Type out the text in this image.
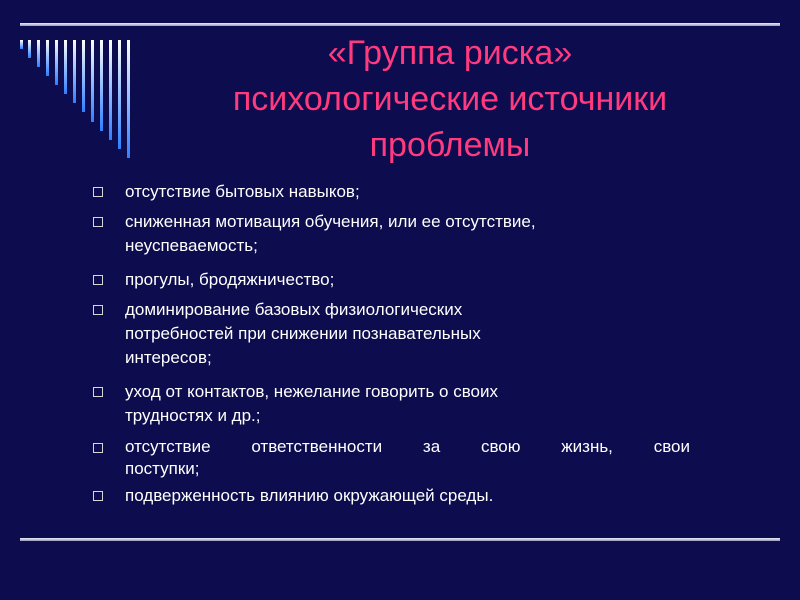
«Группа риска»
психологические источники
проблемы
отсутствие бытовых навыков;
сниженная мотивация обучения, или ее отсутствие,
неуспеваемость;
прогулы, бродяжничество;
доминирование базовых физиологических
потребностей при снижении познавательных
интересов;
уход от контактов, нежелание говорить о своих
трудностях и др.;
отсутствие ответственности за свою жизнь, свои
поступки;
подверженность влиянию окружающей среды.
